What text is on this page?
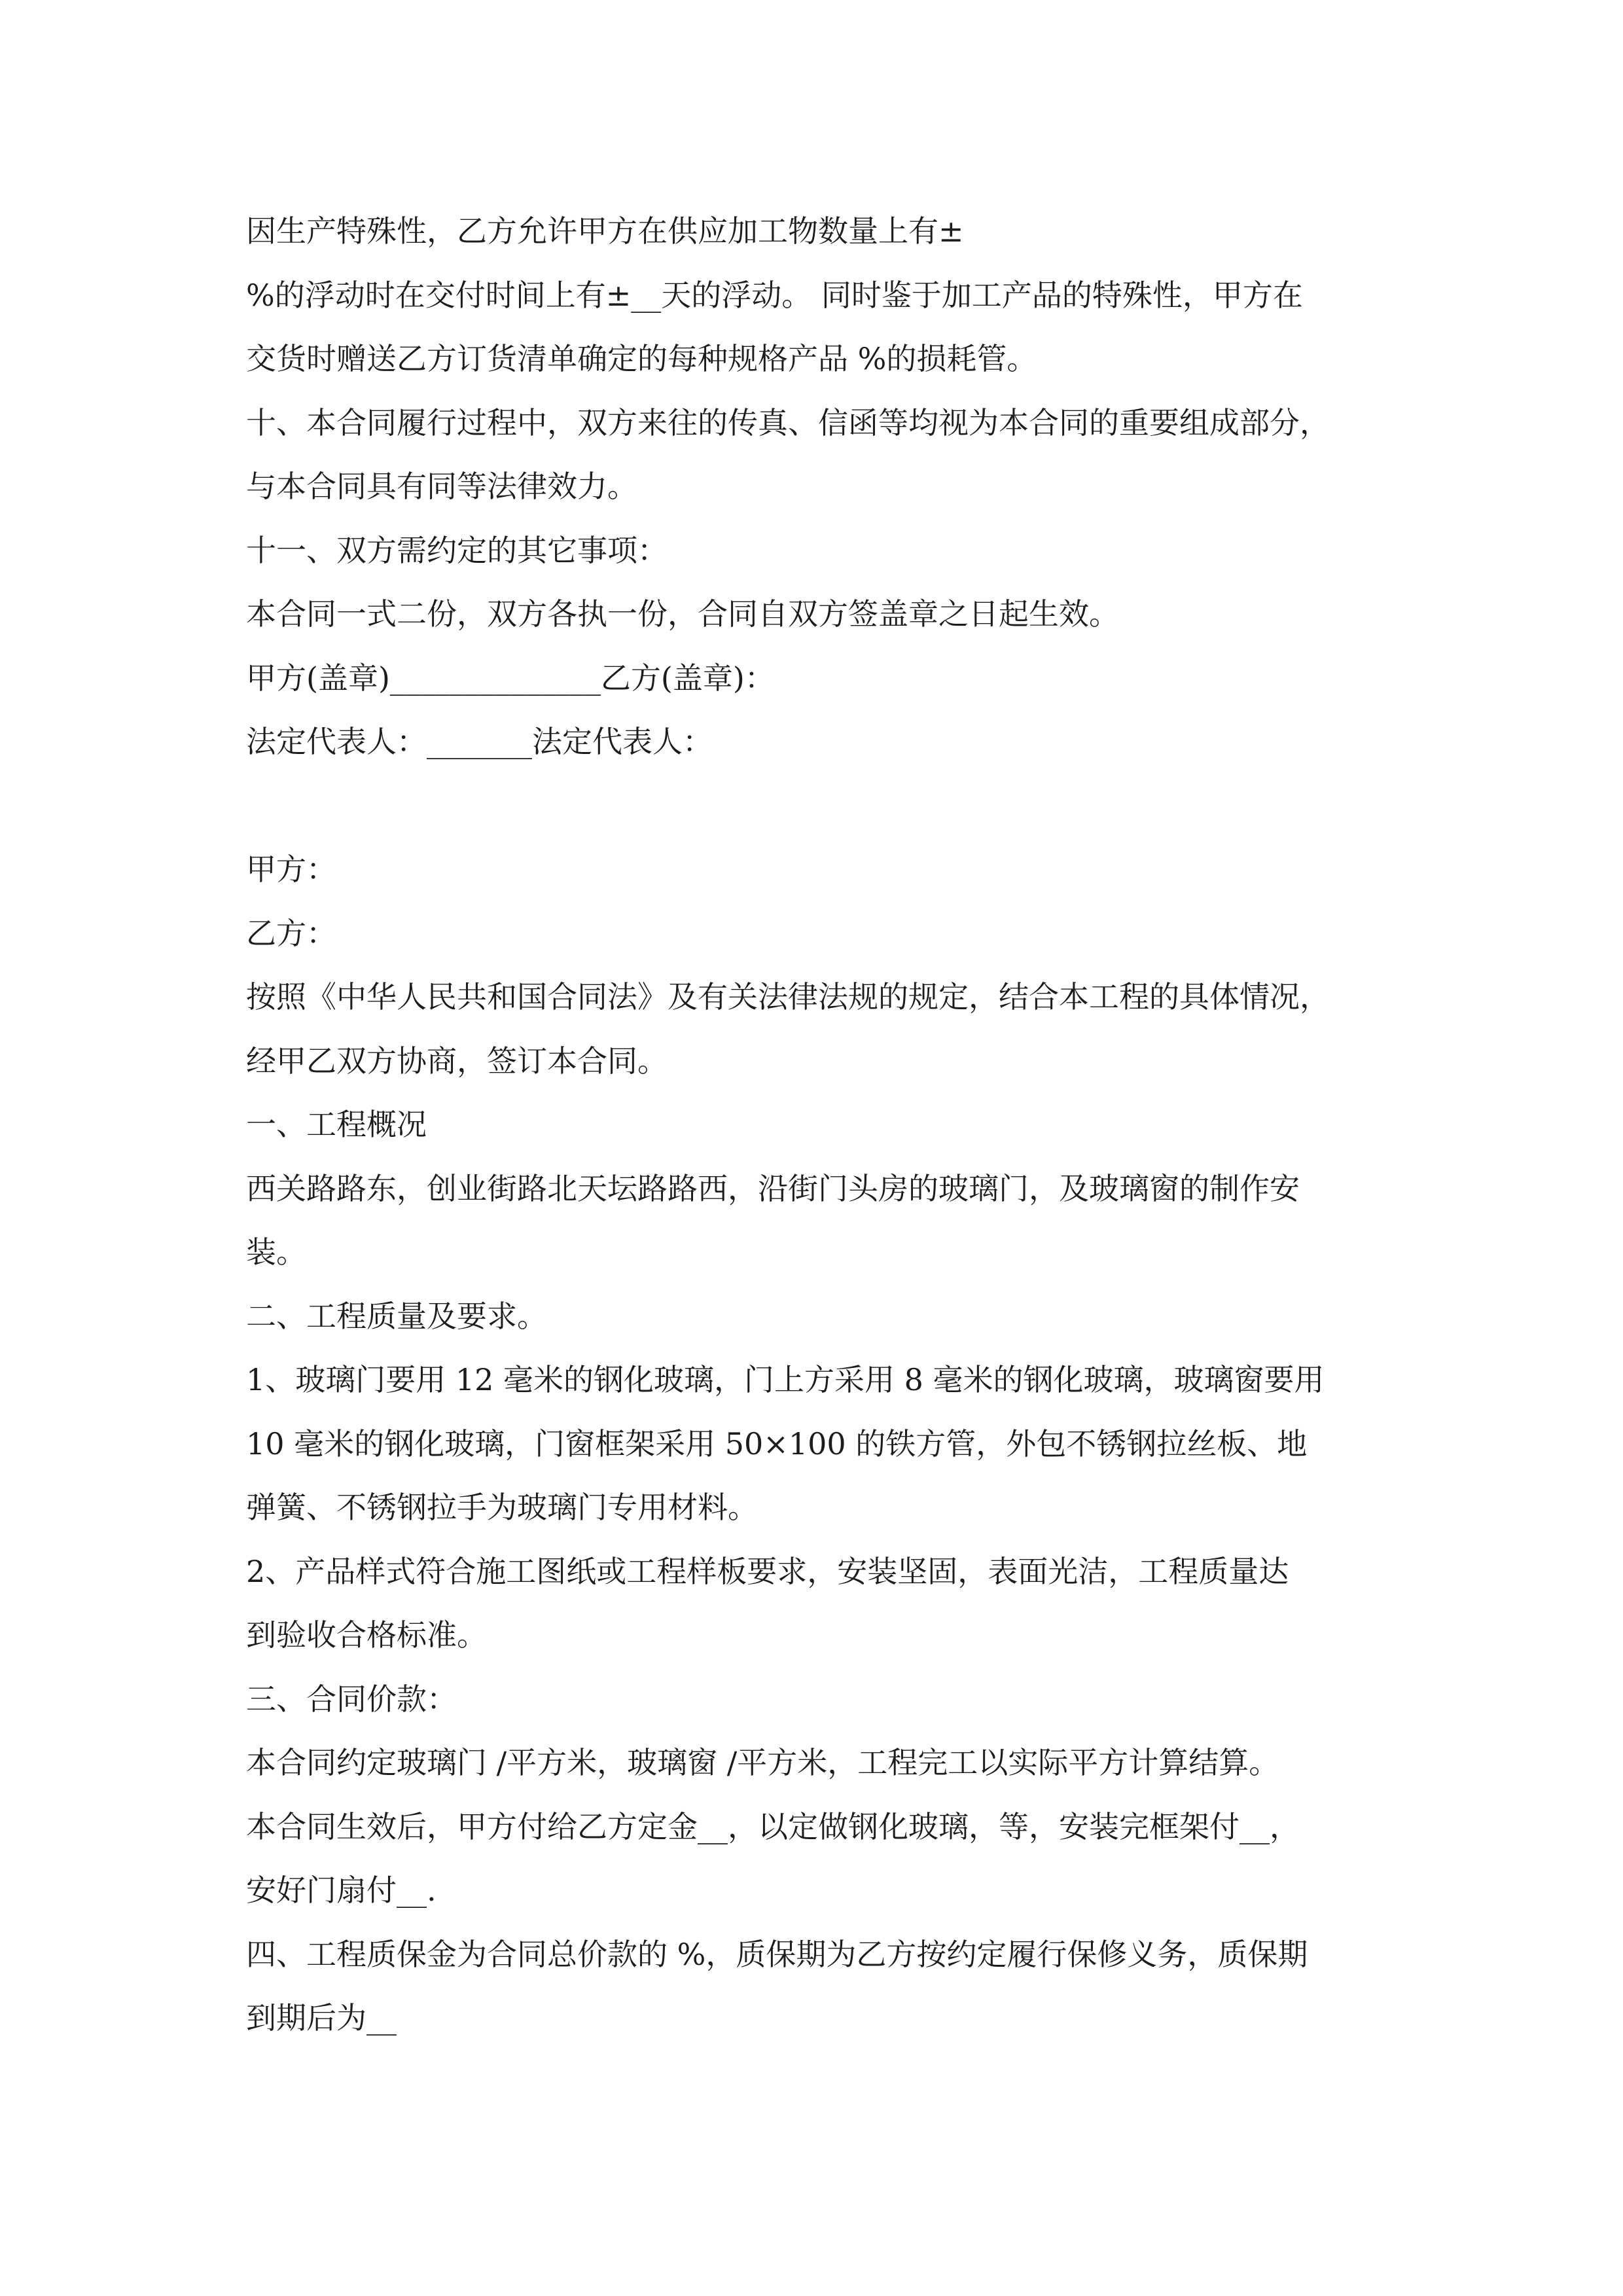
因生产特殊性，乙方允许甲方在供应加工物数量上有±
%的浮动时在交付时间上有±__天的浮动。 同时鉴于加工产品的特殊性，甲方在
交货时赠送乙方订货清单确定的每种规格产品 %的损耗管。
十、本合同履行过程中，双方来往的传真、信函等均视为本合同的重要组成部分，
与本合同具有同等法律效力。
十一、双方需约定的其它事项：
本合同一式二份，双方各执一份，合同自双方签盖章之日起生效。
甲方(盖章)______________乙方(盖章)：
法定代表人：_______法定代表人：
甲方：
乙方：
按照《中华人民共和国合同法》及有关法律法规的规定，结合本工程的具体情况，
经甲乙双方协商，签订本合同。
一、工程概况
西关路路东，创业街路北天坛路路西，沿街门头房的玻璃门，及玻璃窗的制作安
装。
二、工程质量及要求。
1、玻璃门要用 12 毫米的钢化玻璃，门上方采用 8 毫米的钢化玻璃，玻璃窗要用
10 毫米的钢化玻璃，门窗框架采用 50×100 的铁方管，外包不锈钢拉丝板、地
弹簧、不锈钢拉手为玻璃门专用材料。
2、产品样式符合施工图纸或工程样板要求，安装坚固，表面光洁，工程质量达
到验收合格标准。
三、合同价款：
本合同约定玻璃门 /平方米，玻璃窗 /平方米，工程完工以实际平方计算结算。
本合同生效后，甲方付给乙方定金__，以定做钢化玻璃，等，安装完框架付__，
安好门扇付__.
四、工程质保金为合同总价款的 %，质保期为乙方按约定履行保修义务，质保期
到期后为__
